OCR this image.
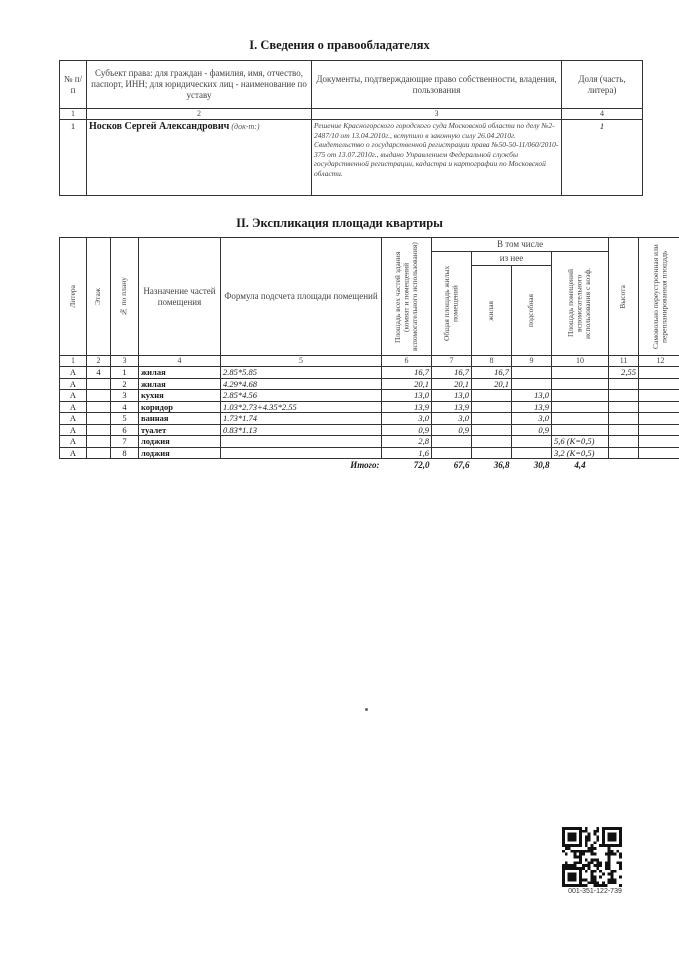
I. Сведения о правообладателях
№ п/п	Субъект права: для граждан - фамилия, имя, отчество, паспорт, ИНН; для юридических лиц - наименование по уставу	Документы, подтверждающие право собственности, владения, пользования	Доля (часть, литера)
1	2	3	4
1	Носков Сергей Александрович (док-т:)	Решение Красногорского городского суда Московской области по делу №2-2487/10 от 13.04.2010г., вступило в законную силу 26.04.2010г. Свидетельство о государственной регистрации права №50-50-11/060/2010-375 от 13.07.2010г., выдано Управлением Федеральной службы государственной регистрации, кадастра и картографии по Московской области.	1
II. Экспликация площади квартиры
Литера	Этаж	№ по плану	Назначение частей помещения	Формула подсчета площади помещений	Площадь всех частей здания (комнат и помещений вспомогательного использования)	В том числе				Высота	Самовольно переустроенная или перепланированная площадь

						Общая площадь жилых помещений	из нее		Площадь помещений вспомогательного использования с коэф.		

							жилая	подсобная			

1	2	3	4	5	6	7	8	9	10	11	12
А	4	1	жилая	2.85*5.85	16,7	16,7	16,7			2,55	
А		2	жилая	4.29*4.68	20,1	20,1	20,1				
А		3	кухня	2.85*4.56	13,0	13,0		13,0			
А		4	коридор	1.03*2.73+4.35*2.55	13,9	13,9		13,9			
А		5	ванная	1.73*1.74	3,0	3,0		3,0			
А		6	туалет	0.83*1.13	0,9	0,9		0,9			
А		7	лоджия		2,8				5,6 (К=0,5)		
А		8	лоджия		1,6				3,2 (К=0,5)		
				Итого:	72,0	67,6	36,8	30,8	4,4		
001-351-122-739
